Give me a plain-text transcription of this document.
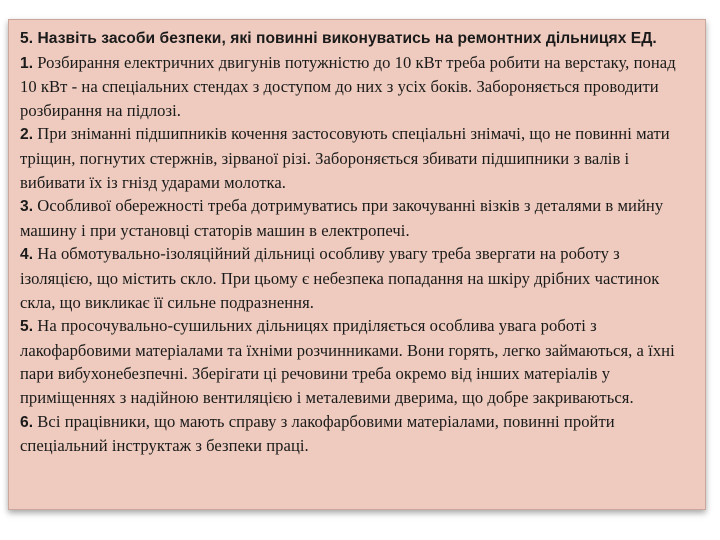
5. Назвіть засоби безпеки, які повинні виконуватись на ремонтних дільницях ЕД.

1. Розбирання електричних двигунів потужністю до 10 кВт треба робити на верстаку, понад 10 кВт - на спеціальних стендах з доступом до них з усіх боків. Забороняється проводити розбирання на підлозі.

2. При зніманні підшипників кочення застосовують спеціальні знімачі, що не повинні мати тріщин, погнутих стержнів, зірваної різі. Забороняється збивати підшипники з валів і вибивати їх із гнізд ударами молотка.

3. Особливої обережності треба дотримуватись при закочуванні візків з деталями в мийну машину і при установці статорів машин в електропечі.

4. На обмотувально-ізоляційний дільниці особливу увагу треба звергати на роботу з ізоляцією, що містить скло. При цьому є небезпека попадання на шкіру дрібних частинок скла, що викликає її сильне подразнення.

5. На просочувально-сушильних дільницях приділяється особлива увага роботі з лакофарбовими матеріалами та їхніми розчинниками. Вони горять, легко займаються, а їхні пари вибухонебезпечні. Зберігати ці речовини треба окремо від інших матеріалів у приміщеннях з надійною вентиляцією і металевими дверима, що добре закриваються.

6. Всі працівники, що мають справу з лакофарбовими матеріалами, повинні пройти спеціальний інструктаж з безпеки праці.
